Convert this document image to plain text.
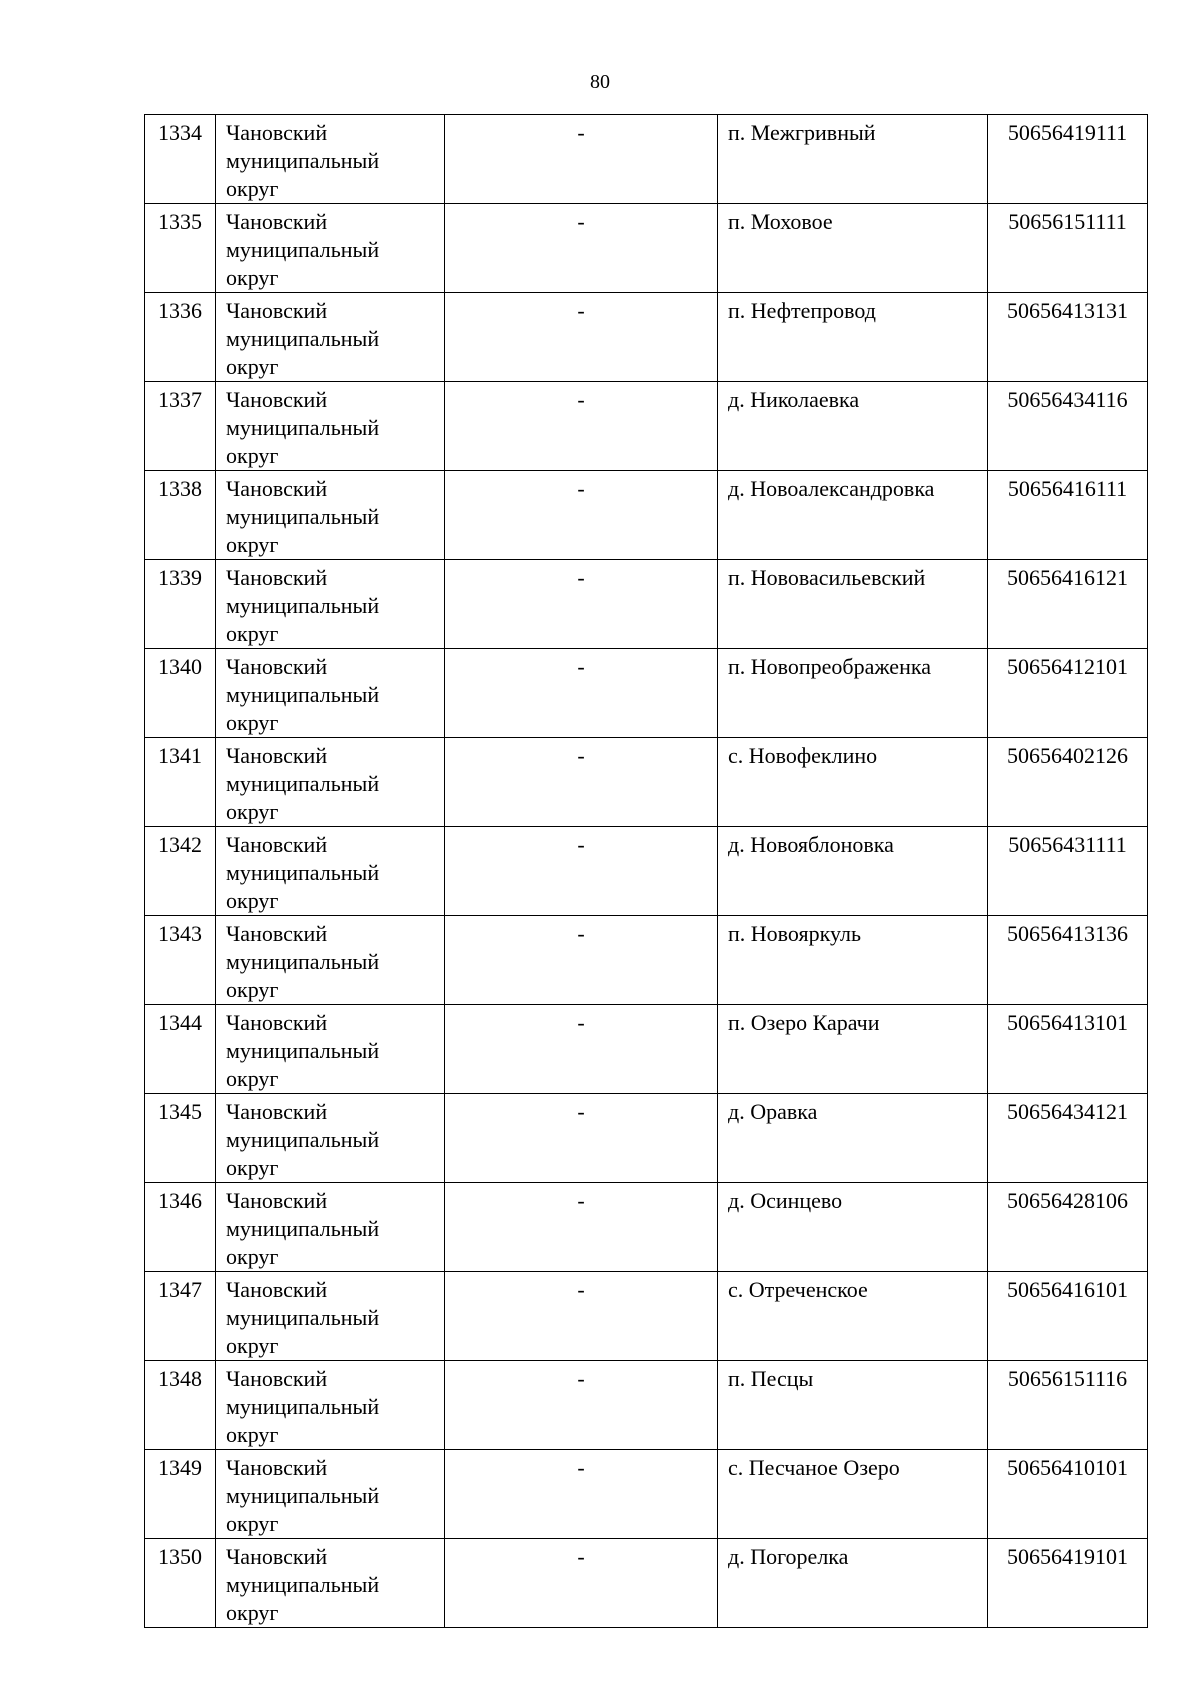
80
1334	Чановский
муниципальный
округ	-	п. Межгривный	50656419111
1335	Чановский
муниципальный
округ	-	п. Моховое	50656151111
1336	Чановский
муниципальный
округ	-	п. Нефтепровод	50656413131
1337	Чановский
муниципальный
округ	-	д. Николаевка	50656434116
1338	Чановский
муниципальный
округ	-	д. Новоалександровка	50656416111
1339	Чановский
муниципальный
округ	-	п. Нововасильевский	50656416121
1340	Чановский
муниципальный
округ	-	п. Новопреображенка	50656412101
1341	Чановский
муниципальный
округ	-	с. Новофеклино	50656402126
1342	Чановский
муниципальный
округ	-	д. Новояблоновка	50656431111
1343	Чановский
муниципальный
округ	-	п. Новояркуль	50656413136
1344	Чановский
муниципальный
округ	-	п. Озеро Карачи	50656413101
1345	Чановский
муниципальный
округ	-	д. Оравка	50656434121
1346	Чановский
муниципальный
округ	-	д. Осинцево	50656428106
1347	Чановский
муниципальный
округ	-	с. Отреченское	50656416101
1348	Чановский
муниципальный
округ	-	п. Песцы	50656151116
1349	Чановский
муниципальный
округ	-	с. Песчаное Озеро	50656410101
1350	Чановский
муниципальный
округ	-	д. Погорелка	50656419101
